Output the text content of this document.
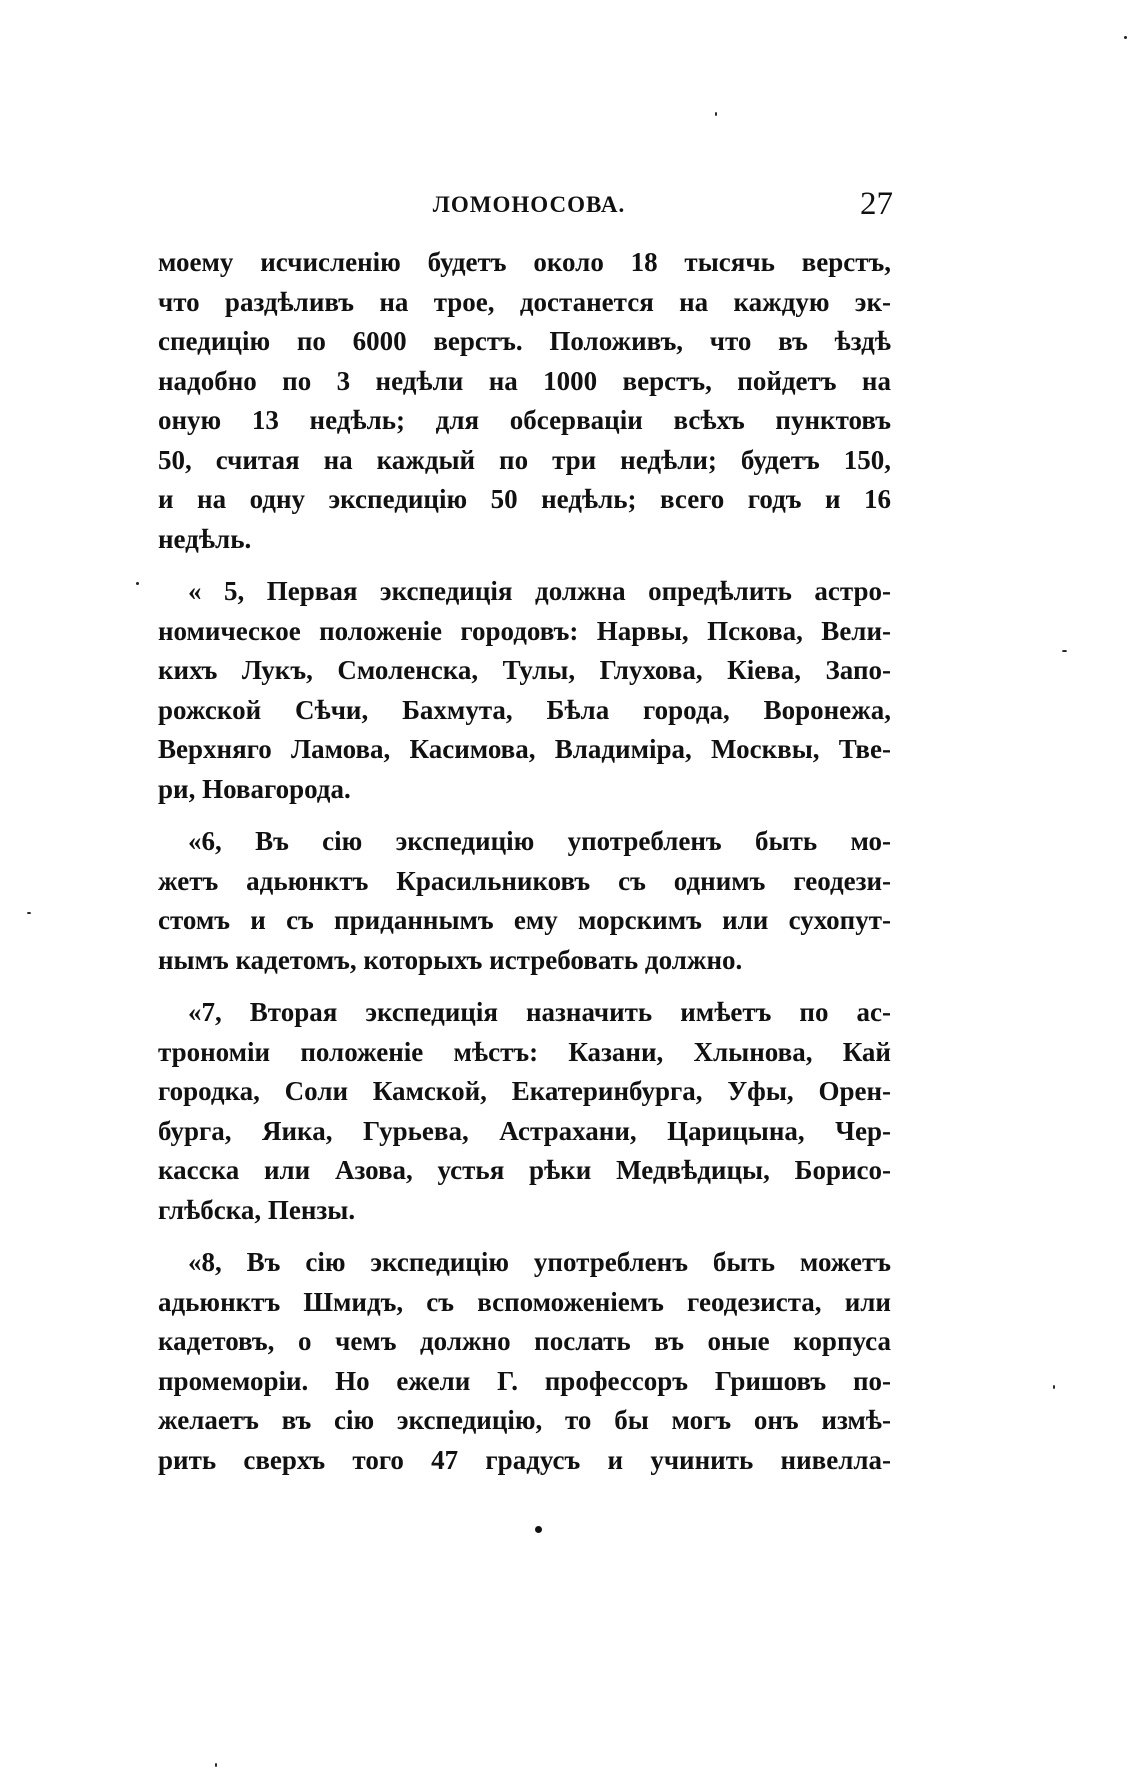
ЛОМОНОСОВА.	27
моему исчисленію будетъ около 18 тысячь верстъ,
что раздѣливъ на трое, достанется на каждую эк-
спедицію по 6000 верстъ. Положивъ, что въ ѣздѣ
надобно по 3 недѣли на 1000 верстъ, пойдетъ на
оную 13 недѣль; для обсерваціи всѣхъ пунктовъ
50, считая на каждый по три недѣли; будетъ 150,
и на одну экспедицію 50 недѣль; всего годъ и 16
недѣль.
« 5, Первая экспедиція должна опредѣлить астро-
номическое положеніе городовъ: Нарвы, Пскова, Вели-
кихъ Лукъ, Смоленска, Тулы, Глухова, Кіева, Запо-
рожской Сѣчи, Бахмута, Бѣла города, Воронежа,
Верхняго Ламова, Касимова, Владиміра, Москвы, Тве-
ри, Новагорода.
«6, Въ сію экспедицію употребленъ быть мо-
жетъ адьюнктъ Красильниковъ съ однимъ геодези-
стомъ и съ приданнымъ ему морскимъ или сухопут-
нымъ кадетомъ, которыхъ истребовать должно.
«7, Вторая экспедиція назначить имѣетъ по ас-
трономіи положеніе мѣстъ: Казани, Хлынова, Кай
городка, Соли Камской, Екатеринбурга, Уфы, Орен-
бурга, Яика, Гурьева, Астрахани, Царицына, Чер-
касска или Азова, устья рѣки Медвѣдицы, Борисо-
глѣбска, Пензы.
«8, Въ сію экспедицію употребленъ быть можетъ
адьюнктъ Шмидъ, съ вспоможеніемъ геодезиста, или
кадетовъ, о чемъ должно послать въ оные корпуса
промеморіи. Но ежели Г. профессоръ Гришовъ по-
желаетъ въ сію экспедицію, то бы могъ онъ измѣ-
рить сверхъ того 47 градусъ и учинить нивелла-
